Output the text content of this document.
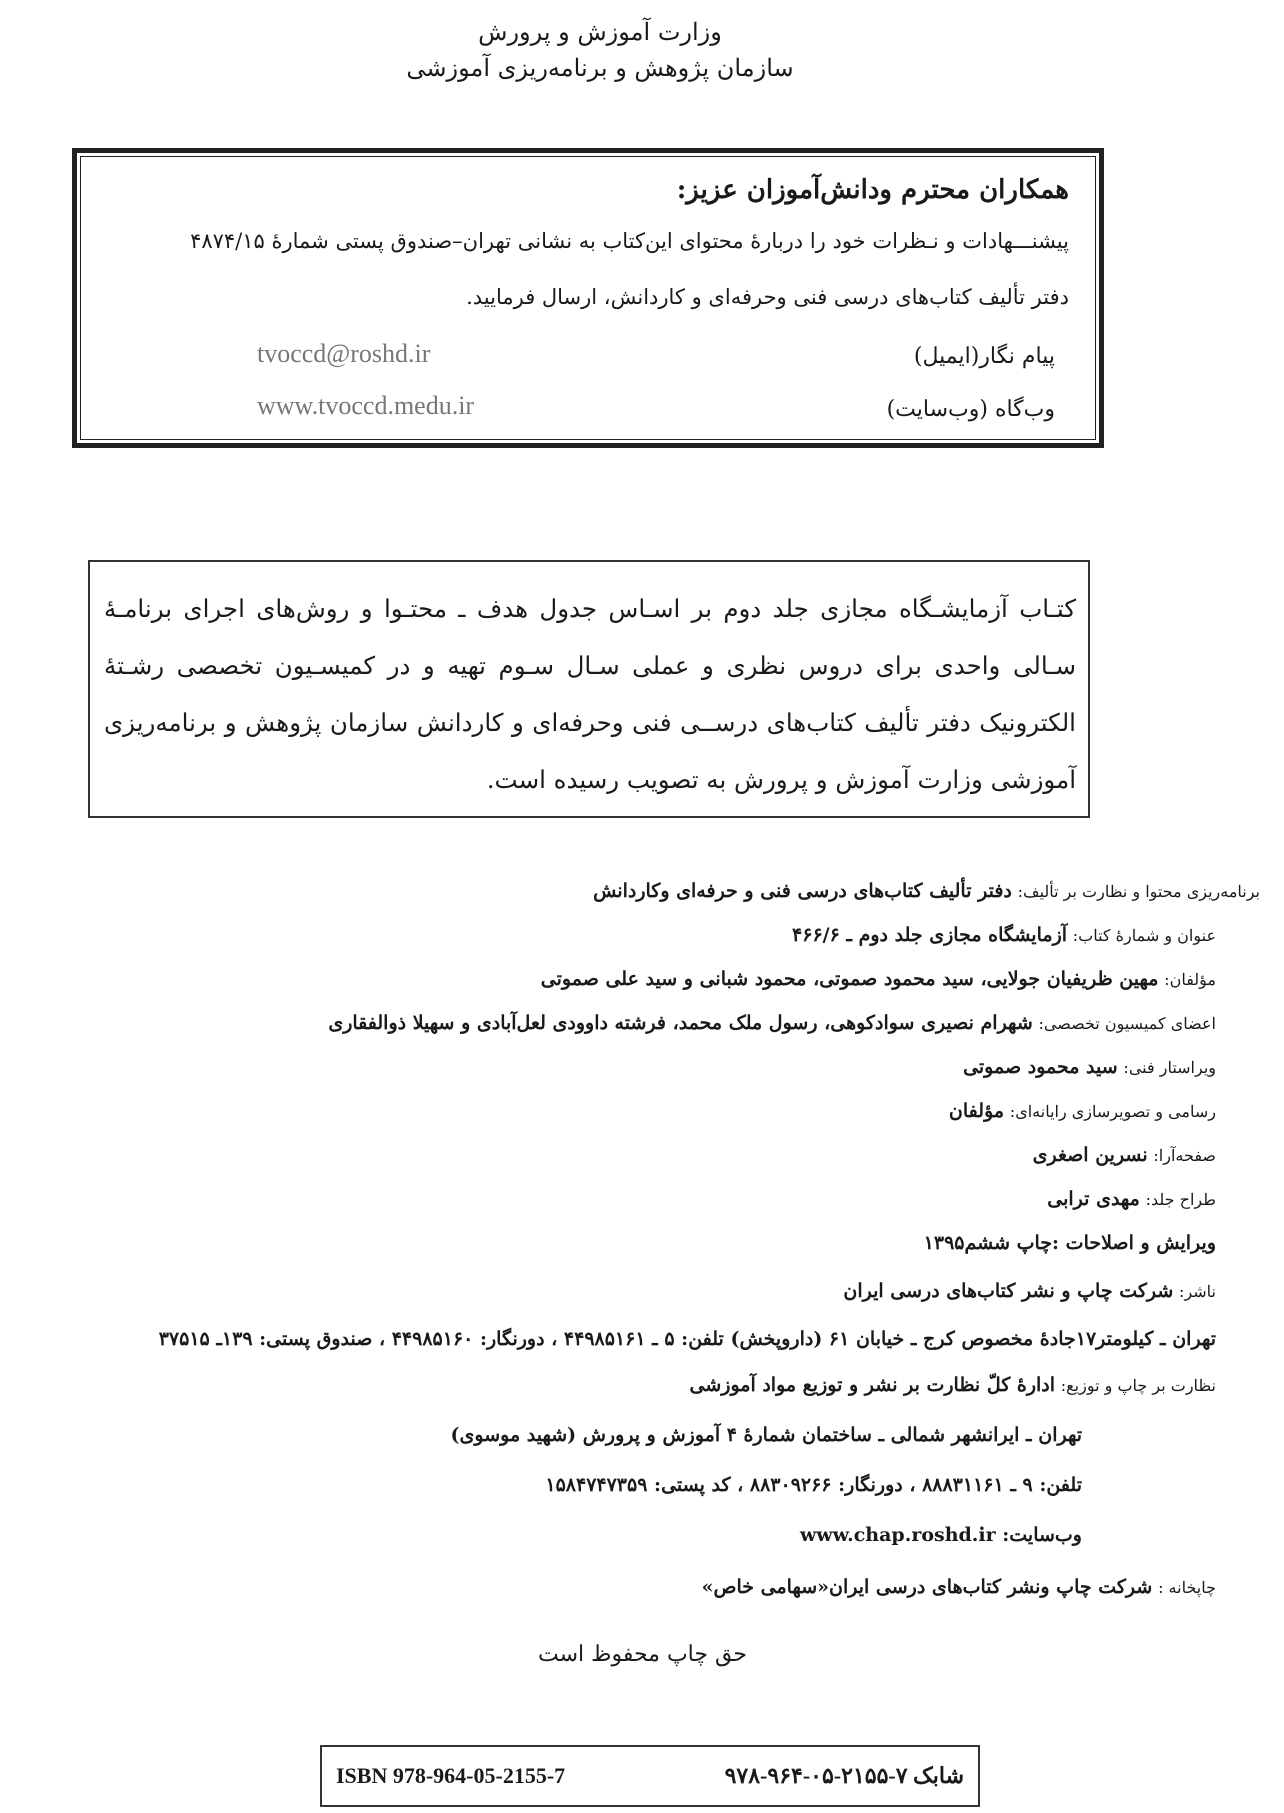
وزارت آموزش و پرورش
سازمان پژوهش و برنامه‌ریزی آموزشی
همکاران محترم ودانش‌آموزان عزیز:
پیشنـــهادات و نـظرات خود را دربارهٔ محتوای این‌کتاب به نشانی تهران–صندوق پستی شمارهٔ ۴۸۷۴/۱۵
دفتر تألیف کتاب‌های درسی فنی وحرفه‌ای و کاردانش، ارسال فرمایید.
پیام نگار(ایمیل)
tvoccd@roshd.ir
وب‌گاه (وب‌سایت)
www.tvoccd.medu.ir
کتـاب آزمایشـگاه مجازی جلد دوم بر اسـاس جدول هدف ـ محتـوا و روش‌های اجرای برنامـهٔ سـالی واحدی برای دروس نظری و عملی سـال سـوم تهیه و در کمیسـیون تخصصی رشـتهٔ الکترونیک دفتر تألیف کتاب‌های درســی فنی وحرفه‌ای و کاردانش سازمان پژوهش و برنامه‌ریزی آموزشی وزارت آموزش و پرورش به تصویب رسیده است.
برنامه‌ریزی محتوا و نظارت بر تألیف: دفتر تألیف کتاب‌های درسی فنی و حرفه‌ای وکاردانش
عنوان و شمارهٔ کتاب: آزمایشگاه مجازی جلد دوم ـ ۴۶۶/۶
مؤلفان: مهین ظریفیان جولایی، سید محمود صموتی، محمود شبانی و سید علی صموتی
اعضای کمیسیون تخصصی: شهرام نصیری سوادکوهی، رسول ملک محمد، فرشته داوودی لعل‌آبادی و سهیلا ذوالفقاری
ویراستار فنی: سید محمود صموتی
رسامی و تصویرسازی رایانه‌ای: مؤلفان
صفحه‌آرا: نسرین اصغری
طراح جلد: مهدی ترابی
ویرایش و اصلاحات :چاپ ششم۱۳۹۵
ناشر: شرکت چاپ و نشر کتاب‌های درسی ایران
تهران ـ کیلومتر۱۷جادهٔ مخصوص کرج ـ خیابان ۶۱ (داروپخش) تلفن: ۵ ـ ۴۴۹۸۵۱۶۱ ، دورنگار: ۴۴۹۸۵۱۶۰ ، صندوق پستی: ۱۳۹ـ ۳۷۵۱۵
نظارت بر چاپ و توزیع: ادارهٔ کلّ نظارت بر نشر و توزیع مواد آموزشی
تهران ـ ایرانشهر شمالی ـ ساختمان شمارهٔ ۴ آموزش و پرورش (شهید موسوی)
تلفن: ۹ ـ ۸۸۸۳۱۱۶۱ ، دورنگار: ۸۸۳۰۹۲۶۶ ، کد پستی: ۱۵۸۴۷۴۷۳۵۹
وب‌سایت: www.chap.roshd.ir
چاپخانه : شرکت چاپ ونشر کتاب‌های درسی ایران«سهامی خاص»
حق چاپ محفوظ است
ISBN 978-964-05-2155-7	شابک ۷-۲۱۵۵-۰۵-۹۶۴-۹۷۸
